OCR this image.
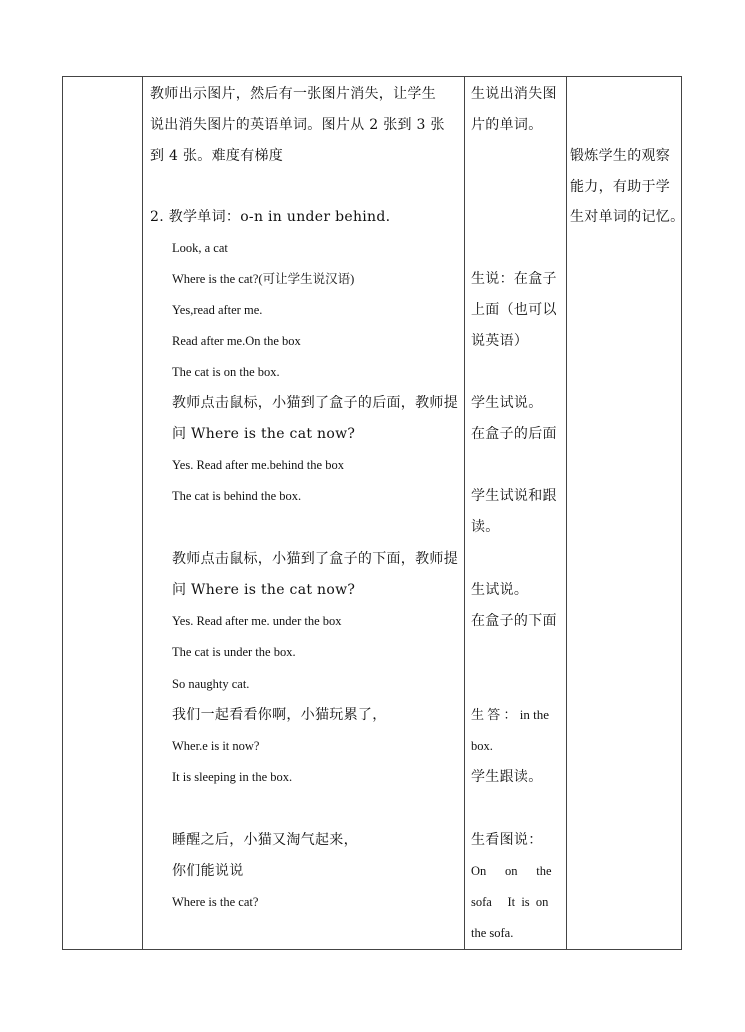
教师出示图片，然后有一张图片消失，让学生
说出消失图片的英语单词。图片从 2 张到 3 张
到 4 张。难度有梯度
2. 教学单词：o-n in under behind.
Look, a cat
Where is the cat?(可让学生说汉语)
Yes,read after me.
Read after me.On the box
The cat is on the box.
教师点击鼠标，小猫到了盒子的后面，教师提
问 Where is the cat now?
Yes. Read after me.behind the box
The cat is behind the box.
教师点击鼠标，小猫到了盒子的下面，教师提
问 Where is the cat now?
Yes. Read after me. under the box
The cat is under the box.
So naughty cat.
我们一起看看你啊，小猫玩累了，
Wher.e is it now?
It is sleeping in the box.
睡醒之后，小猫又淘气起来，
你们能说说
Where is the cat?
生说出消失图
片的单词。
生说：在盒子
上面（也可以
说英语）
学生试说。
在盒子的后面
学生试说和跟
读。
生试说。
在盒子的下面
生 答 ： in the
box.
学生跟读。
生看图说：
On      on      the
sofa     It  is  on
the sofa.
锻炼学生的观察
能力，有助于学
生对单词的记忆。
